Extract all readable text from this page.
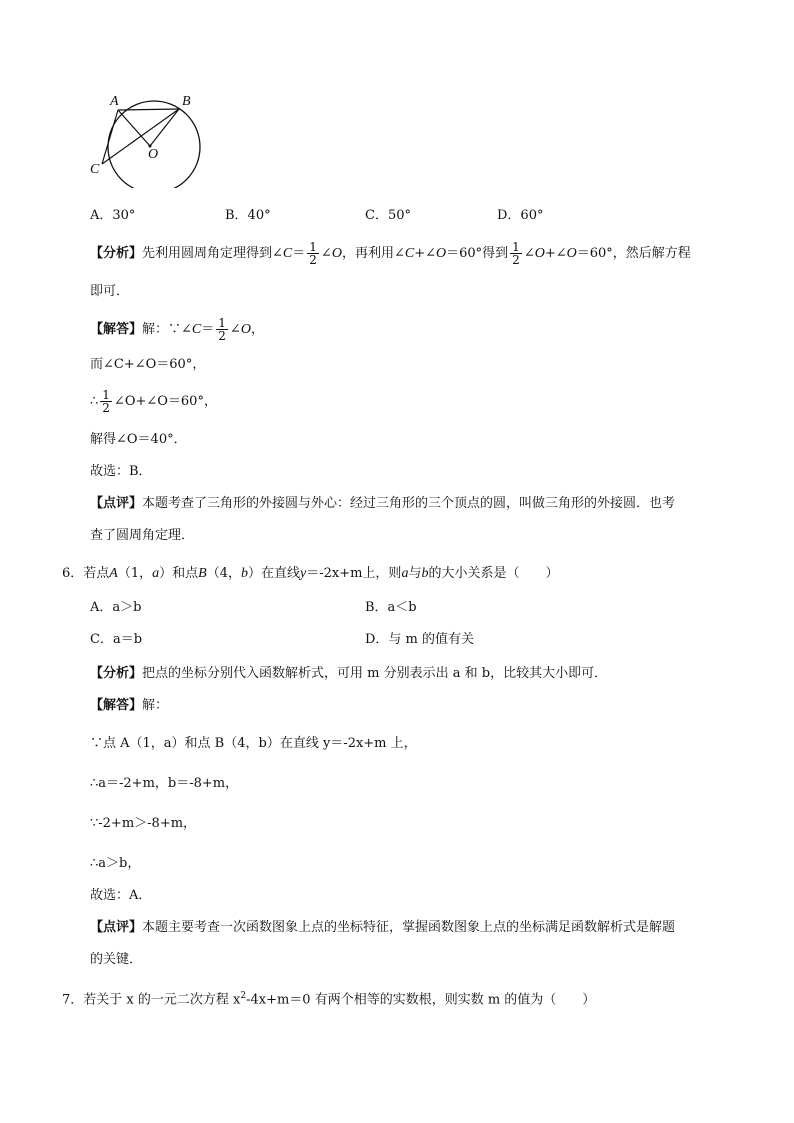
A	B
C
O
A．30°	B．40°	C．50°	D．60°
【分析】先利用圆周角定理得到∠C＝ $\frac{1}{2}$ ∠O，再利用∠C+∠O＝60°得到 $\frac{1}{2}$ ∠O+∠O＝60°，然后解方程
即可．
【解答】解：∵∠C＝ $\frac{1}{2}$ ∠O，
而∠C+∠O＝60°，
∴ $\frac{1}{2}$ ∠O+∠O＝60°，
解得∠O＝40°．
故选：B．
【点评】本题考查了三角形的外接圆与外心：经过三角形的三个顶点的圆，叫做三角形的外接圆．也考
查了圆周角定理．
6．若点A（1，a）和点B（4，b）在直线y＝-2x+m上，则a与b的大小关系是（　　）
A．a＞b	B．a＜b
C．a＝b	D．与 m 的值有关
【分析】把点的坐标分别代入函数解析式，可用 m 分别表示出 a 和 b，比较其大小即可．
【解答】解：
∵点 A（1，a）和点 B（4，b）在直线 y＝-2x+m 上，
∴a＝-2+m，b＝-8+m，
∵-2+m＞-8+m，
∴a＞b，
故选：A．
【点评】本题主要考查一次函数图象上点的坐标特征，掌握函数图象上点的坐标满足函数解析式是解题
的关键．
7．若关于 x 的一元二次方程 $x^2-4x+m=0$ 有两个相等的实数根，则实数 m 的值为（　　）
